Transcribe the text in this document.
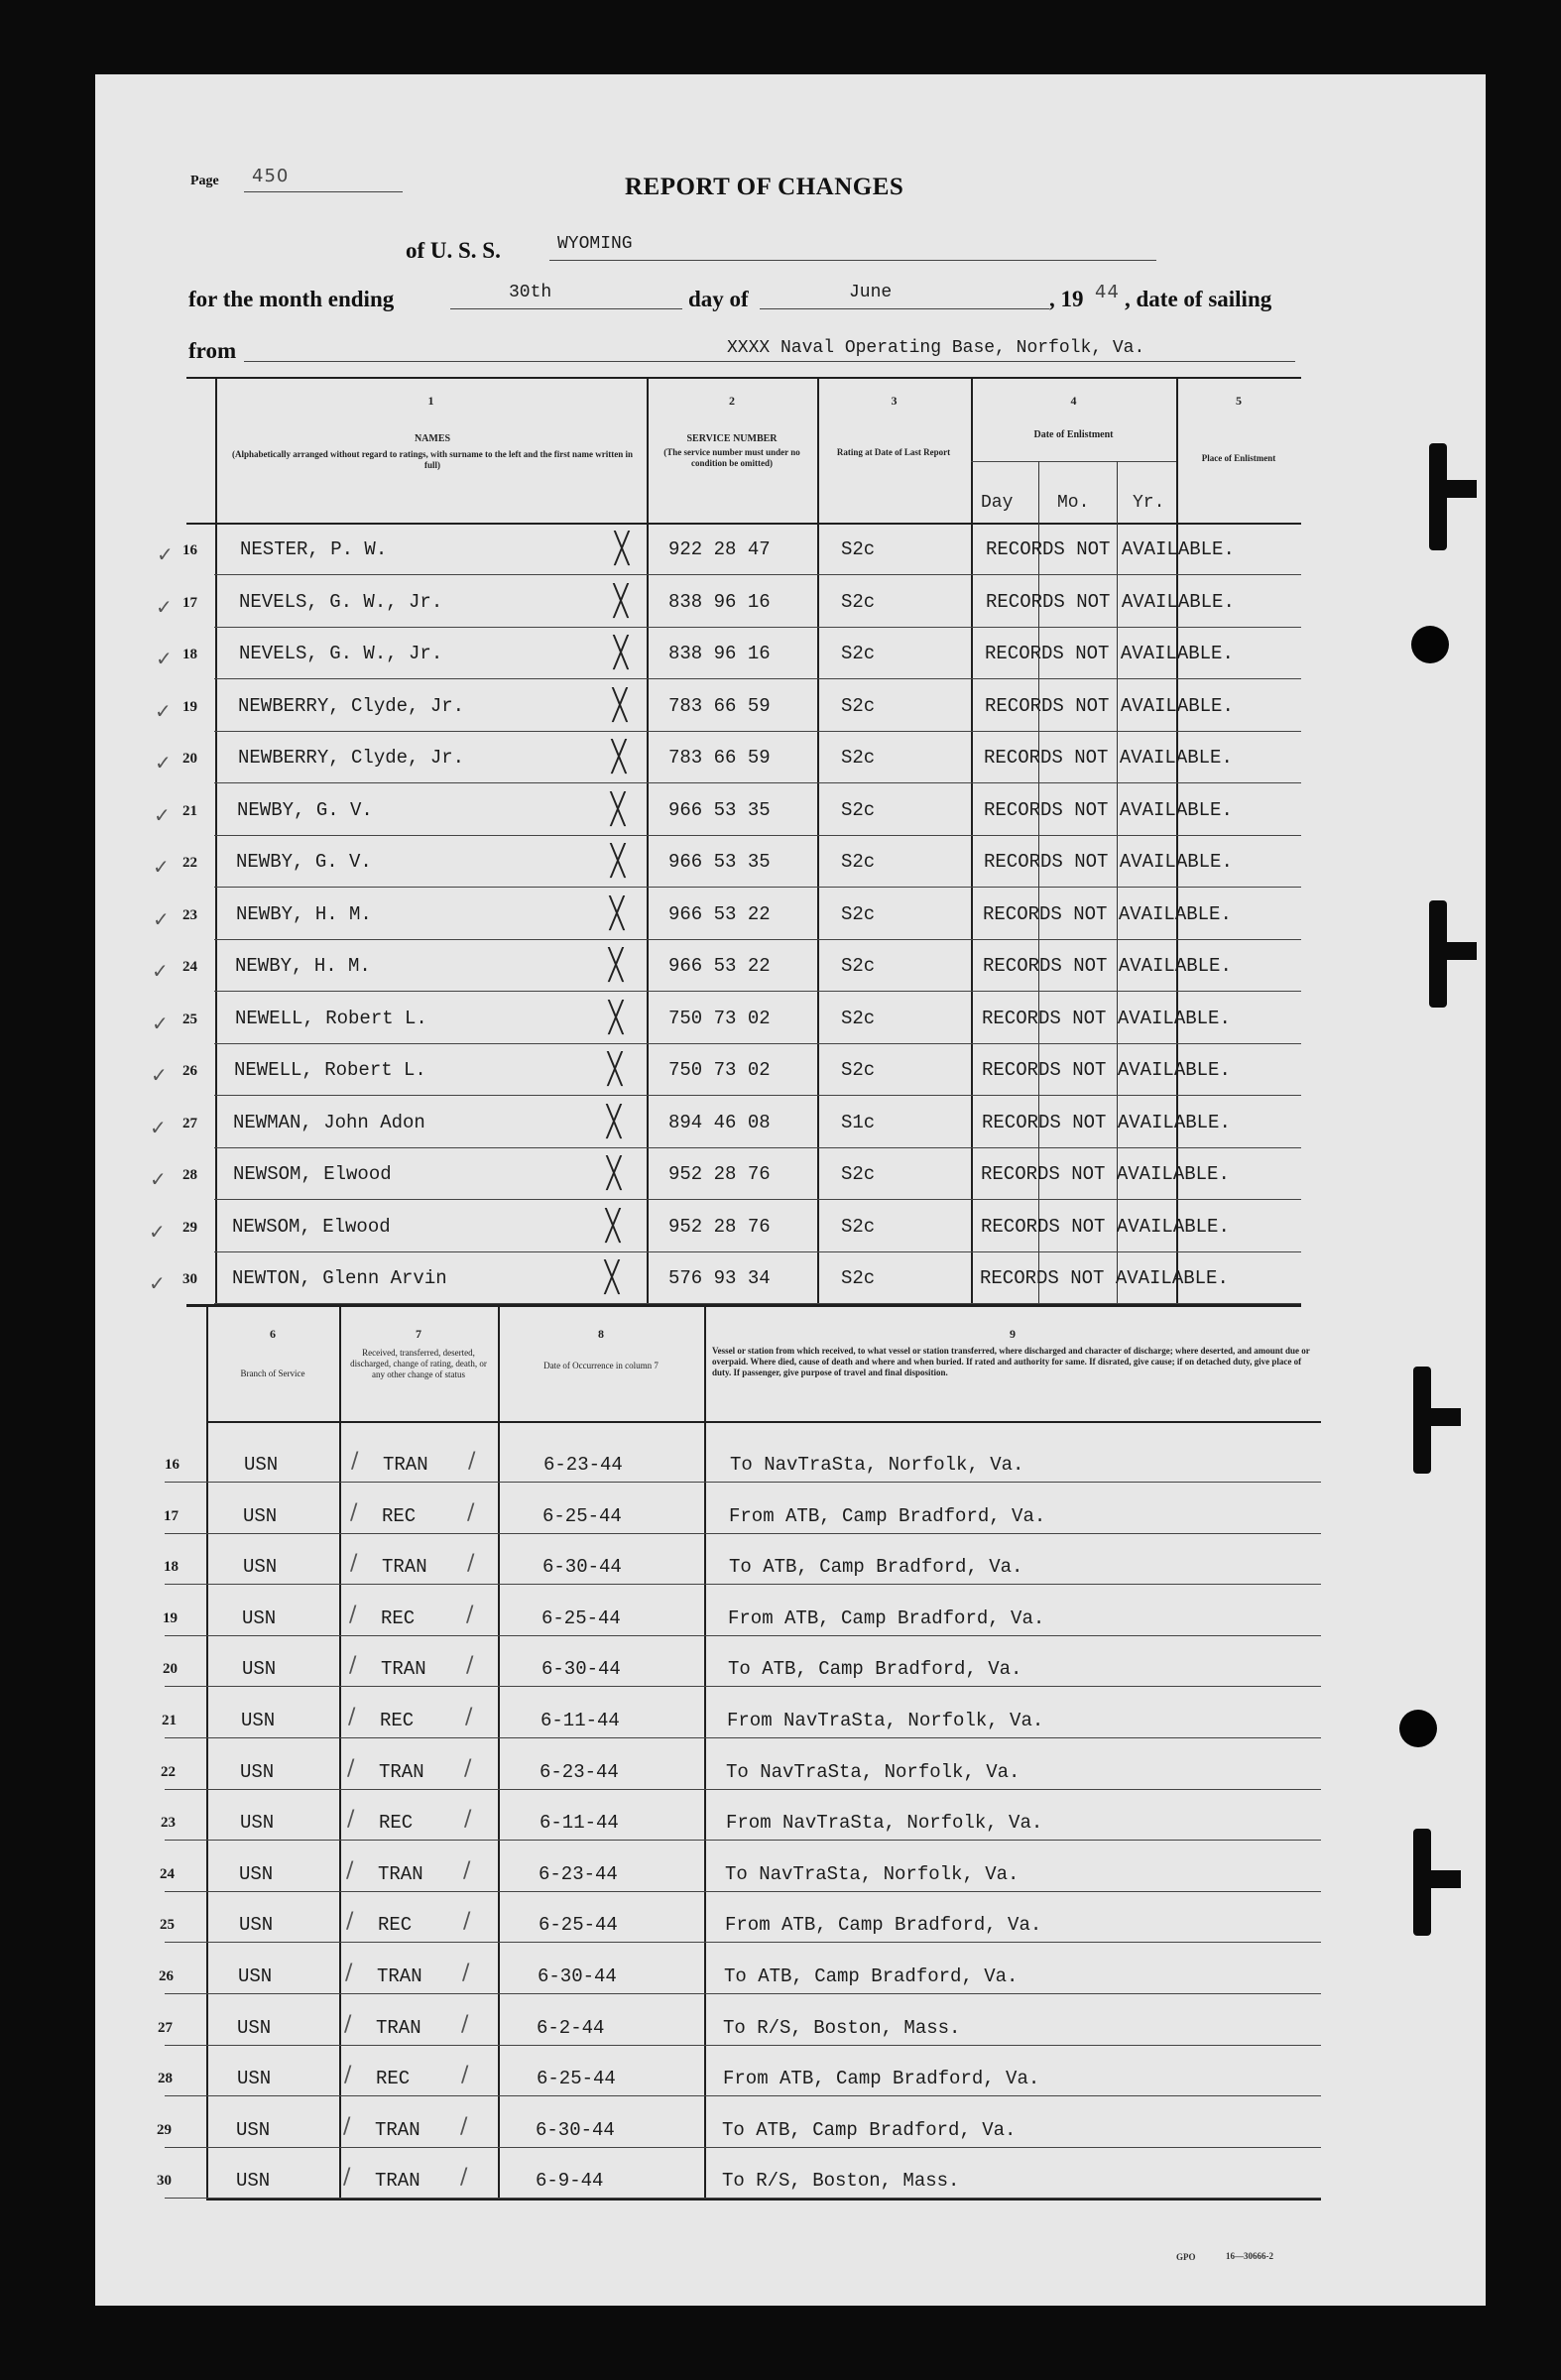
Page 450	REPORT OF CHANGES
of U. S. S.	WYOMING
for the month ending	30th	day of	June	, 19 44 , date of sailing
from	XXXX Naval Operating Base, Norfolk, Va.
1
NAMES
(Alphabetically arranged without regard to ratings, with surname to the left and the first name written in full)
2
SERVICE NUMBER
(The service number must under no condition be omitted)
3
Rating at Date of Last Report
4
Date of Enlistment
Day Mo. Yr.
5
Place of Enlistment
16 NESTER, P. W.	922 28 47	S2c	RECORDS NOT AVAILABLE.
╳
✓
17 NEVELS, G. W., Jr.	838 96 16	S2c	RECORDS NOT AVAILABLE.
╳
✓
18 NEVELS, G. W., Jr.	838 96 16	S2c	RECORDS NOT AVAILABLE.
╳
✓
19 NEWBERRY, Clyde, Jr.	783 66 59	S2c	RECORDS NOT AVAILABLE.
╳
✓
20 NEWBERRY, Clyde, Jr.	783 66 59	S2c	RECORDS NOT AVAILABLE.
╳
✓
21 NEWBY, G. V.	966 53 35	S2c	RECORDS NOT AVAILABLE.
╳
✓
22 NEWBY, G. V.	966 53 35	S2c	RECORDS NOT AVAILABLE.
╳
✓
23 NEWBY, H. M.	966 53 22	S2c	RECORDS NOT AVAILABLE.
╳
✓
24 NEWBY, H. M.	966 53 22	S2c	RECORDS NOT AVAILABLE.
╳
✓
25 NEWELL, Robert L.	750 73 02	S2c	RECORDS NOT AVAILABLE.
╳
✓
26 NEWELL, Robert L.	750 73 02	S2c	RECORDS NOT AVAILABLE.
╳
✓
27 NEWMAN, John Adon	894 46 08	S1c	RECORDS NOT AVAILABLE.
╳
✓
28 NEWSOM, Elwood	952 28 76	S2c	RECORDS NOT AVAILABLE.
╳
✓
29 NEWSOM, Elwood	952 28 76	S2c	RECORDS NOT AVAILABLE.
╳
✓
30 NEWTON, Glenn Arvin	576 93 34	S2c	RECORDS NOT AVAILABLE.
╳
✓
6
Branch of Service
7
Received, transferred, deserted, discharged, change of rating, death, or any other change of status
8
Date of Occurrence in column 7
9
Vessel or station from which received, to what vessel or station transferred, where discharged and character of discharge; where deserted, and amount due or overpaid. Where died, cause of death and where and when buried. If rated and authority for same. If disrated, give cause; if on detached duty, give place of duty. If passenger, give purpose of travel and final disposition.
16	USN	TRAN	6-23-44	To NavTraSta, Norfolk, Va.
/	/
17	USN	REC	6-25-44	From ATB, Camp Bradford, Va.
/	/
18	USN	TRAN	6-30-44	To ATB, Camp Bradford, Va.
/	/
19	USN	REC	6-25-44	From ATB, Camp Bradford, Va.
/	/
20	USN	TRAN	6-30-44	To ATB, Camp Bradford, Va.
/	/
21	USN	REC	6-11-44	From NavTraSta, Norfolk, Va.
/	/
22	USN	TRAN	6-23-44	To NavTraSta, Norfolk, Va.
/	/
23	USN	REC	6-11-44	From NavTraSta, Norfolk, Va.
/	/
24	USN	TRAN	6-23-44	To NavTraSta, Norfolk, Va.
/	/
25	USN	REC	6-25-44	From ATB, Camp Bradford, Va.
/	/
26	USN	TRAN	6-30-44	To ATB, Camp Bradford, Va.
/	/
27	USN	TRAN	6-2-44	To R/S, Boston, Mass.
/	/
28	USN	REC	6-25-44	From ATB, Camp Bradford, Va.
/	/
29	USN	TRAN	6-30-44	To ATB, Camp Bradford, Va.
/	/
30	USN	TRAN	6-9-44	To R/S, Boston, Mass.
/	/
GPO	16—30666-2
